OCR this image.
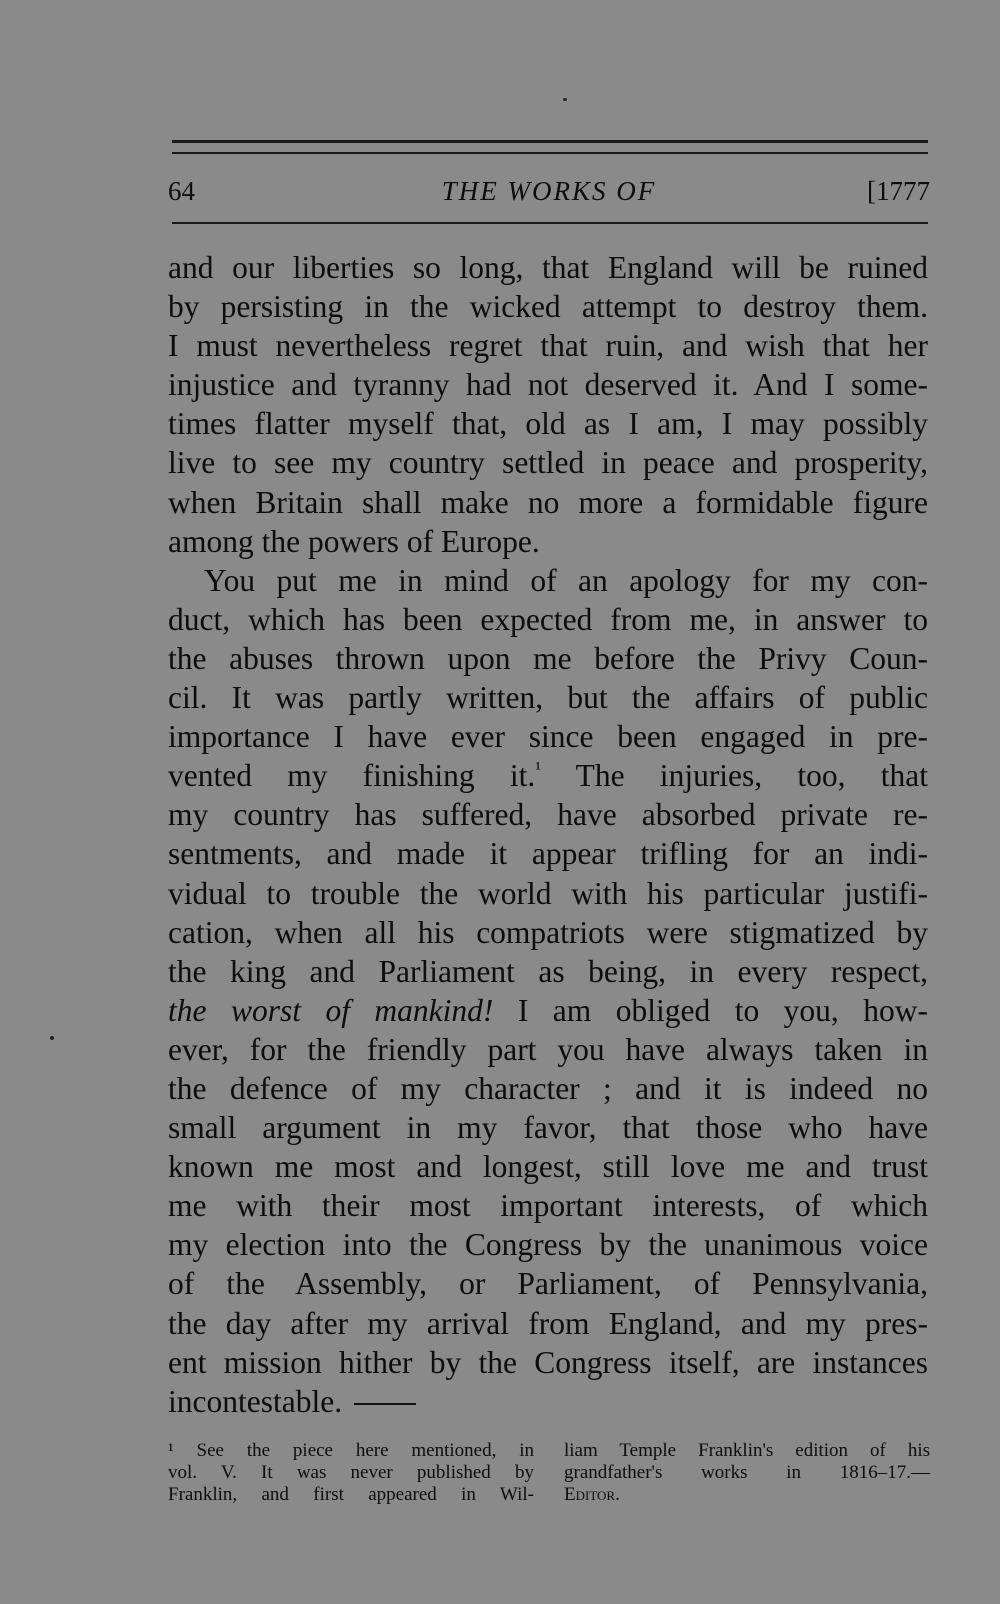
64	THE WORKS OF	[1777
and our liberties so long, that England will be ruined
by persisting in the wicked attempt to destroy them.
I must nevertheless regret that ruin, and wish that her
injustice and tyranny had not deserved it. And I some-
times flatter myself that, old as I am, I may possibly
live to see my country settled in peace and prosperity,
when Britain shall make no more a formidable figure
among the powers of Europe.
You put me in mind of an apology for my con-
duct, which has been expected from me, in answer to
the abuses thrown upon me before the Privy Coun-
cil. It was partly written, but the affairs of public
importance I have ever since been engaged in pre-
vented my finishing it.$^{^1}$ The injuries, too, that
my country has suffered, have absorbed private re-
sentments, and made it appear trifling for an indi-
vidual to trouble the world with his particular justifi-
cation, when all his compatriots were stigmatized by
the king and Parliament as being, in every respect,
the worst of mankind! I am obliged to you, how-
ever, for the friendly part you have always taken in
the defence of my character ; and it is indeed no
small argument in my favor, that those who have
known me most and longest, still love me and trust
me with their most important interests, of which
my election into the Congress by the unanimous voice
of the Assembly, or Parliament, of Pennsylvania,
the day after my arrival from England, and my pres-
ent mission hither by the Congress itself, are instances
incontestable.
¹ See the piece here mentioned, in
vol. V. It was never published by
Franklin, and first appeared in Wil-
liam Temple Franklin's edition of his
grandfather's works in 1816–17.—
Editor.
